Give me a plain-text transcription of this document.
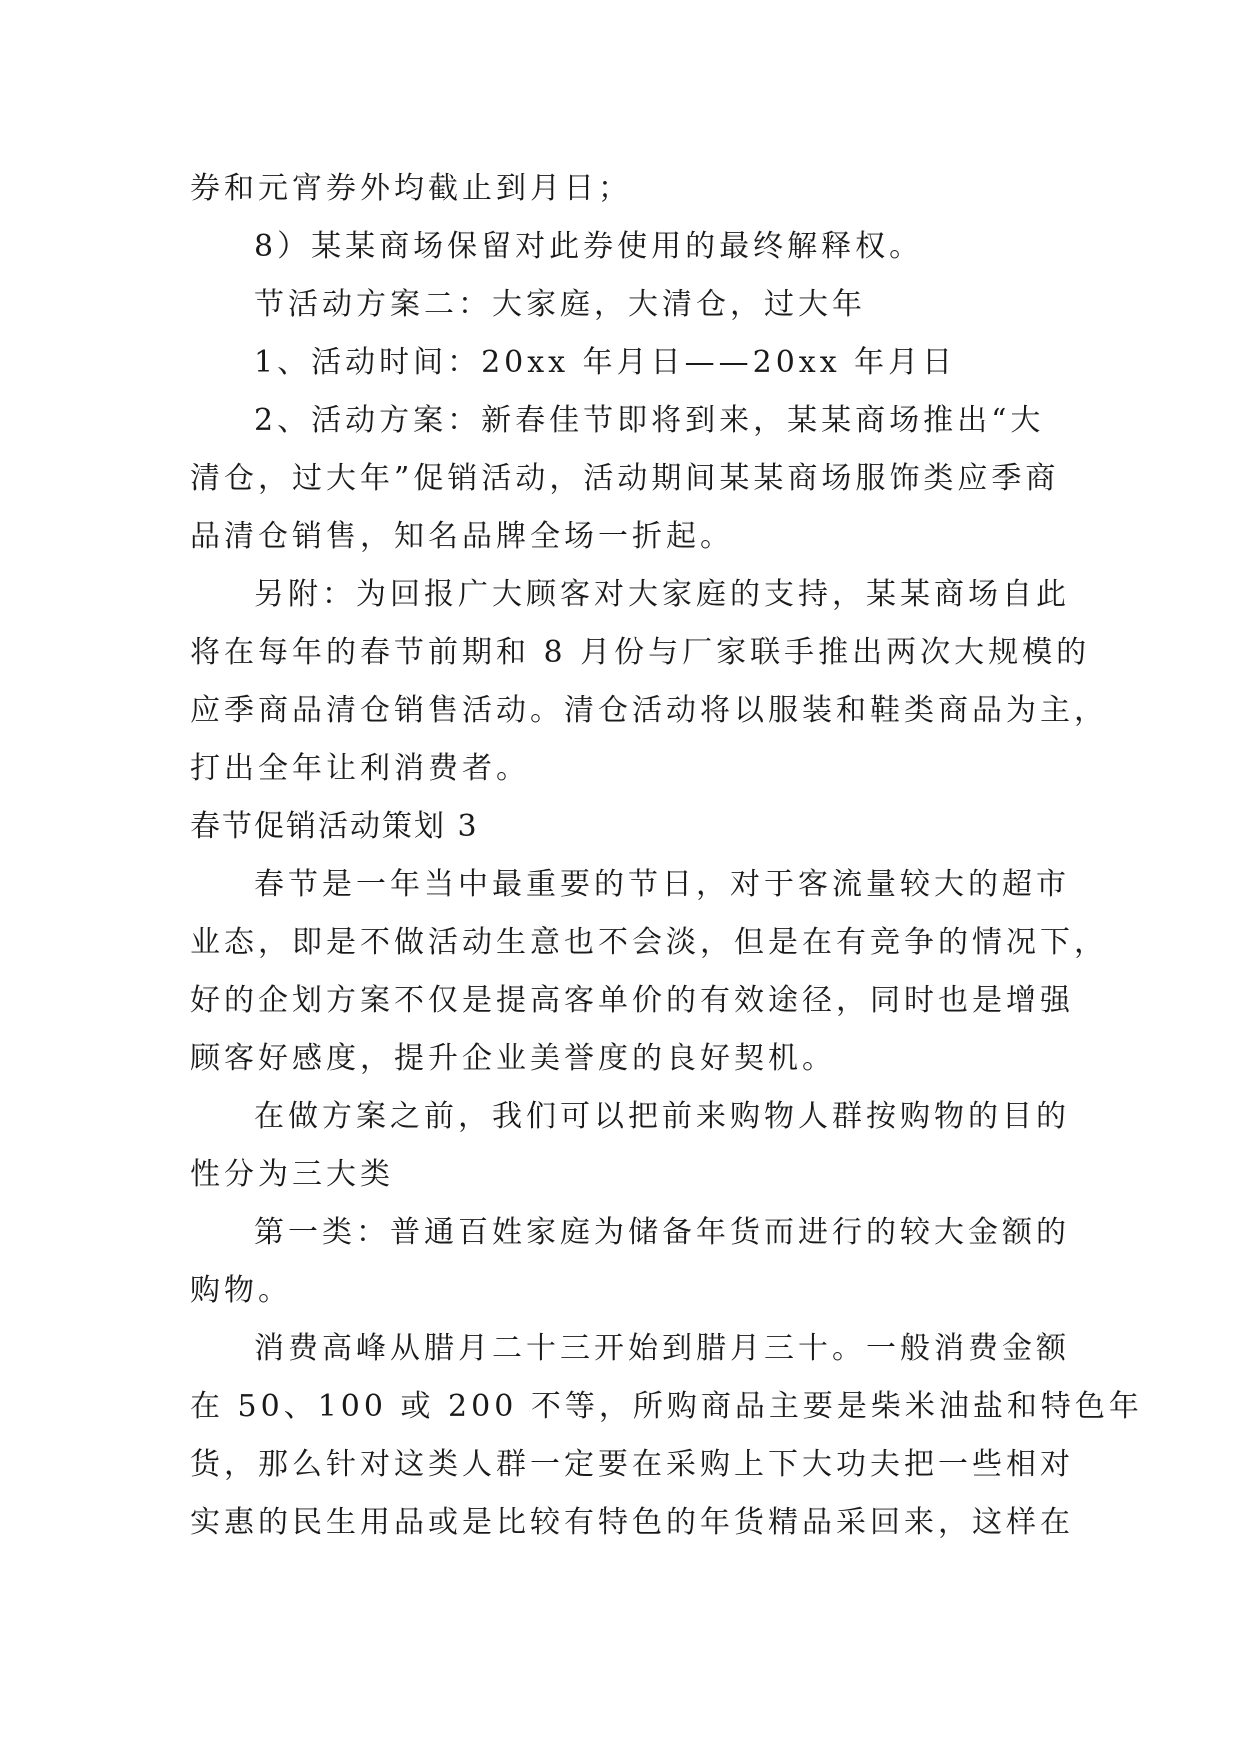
券和元宵券外均截止到月日；

8）某某商场保留对此券使用的最终解释权。

节活动方案二：大家庭，大清仓，过大年

1、活动时间：20xx 年月日——20xx 年月日

2、活动方案：新春佳节即将到来，某某商场推出“大

清仓，过大年”促销活动，活动期间某某商场服饰类应季商

品清仓销售，知名品牌全场一折起。

另附：为回报广大顾客对大家庭的支持，某某商场自此

将在每年的春节前期和 8 月份与厂家联手推出两次大规模的

应季商品清仓销售活动。清仓活动将以服装和鞋类商品为主，

打出全年让利消费者。

春节促销活动策划 3

春节是一年当中最重要的节日，对于客流量较大的超市

业态，即是不做活动生意也不会淡，但是在有竞争的情况下，

好的企划方案不仅是提高客单价的有效途径，同时也是增强

顾客好感度，提升企业美誉度的良好契机。

在做方案之前，我们可以把前来购物人群按购物的目的

性分为三大类

第一类：普通百姓家庭为储备年货而进行的较大金额的

购物。

消费高峰从腊月二十三开始到腊月三十。一般消费金额

在 50、100 或 200 不等，所购商品主要是柴米油盐和特色年

货，那么针对这类人群一定要在采购上下大功夫把一些相对

实惠的民生用品或是比较有特色的年货精品采回来，这样在
